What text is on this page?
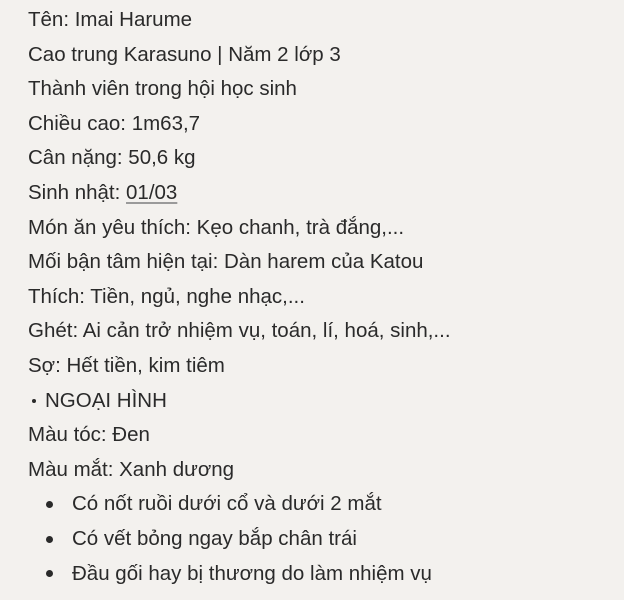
Tên: Imai Harume
Cao trung Karasuno | Năm 2 lớp 3
Thành viên trong hội học sinh
Chiều cao: 1m63,7
Cân nặng: 50,6 kg
Sinh nhật: 01/03
Món ăn yêu thích: Kẹo chanh, trà đắng,...
Mối bận tâm hiện tại: Dàn harem của Katou
Thích: Tiền, ngủ, nghe nhạc,...
Ghét: Ai cản trở nhiệm vụ, toán, lí, hoá, sinh,...
Sợ: Hết tiền, kim tiêm
NGOẠI HÌNH
Màu tóc: Đen
Màu mắt: Xanh dương
Có nốt ruồi dưới cổ và dưới 2 mắt
Có vết bỏng ngay bắp chân trái
Đầu gối hay bị thương do làm nhiệm vụ
